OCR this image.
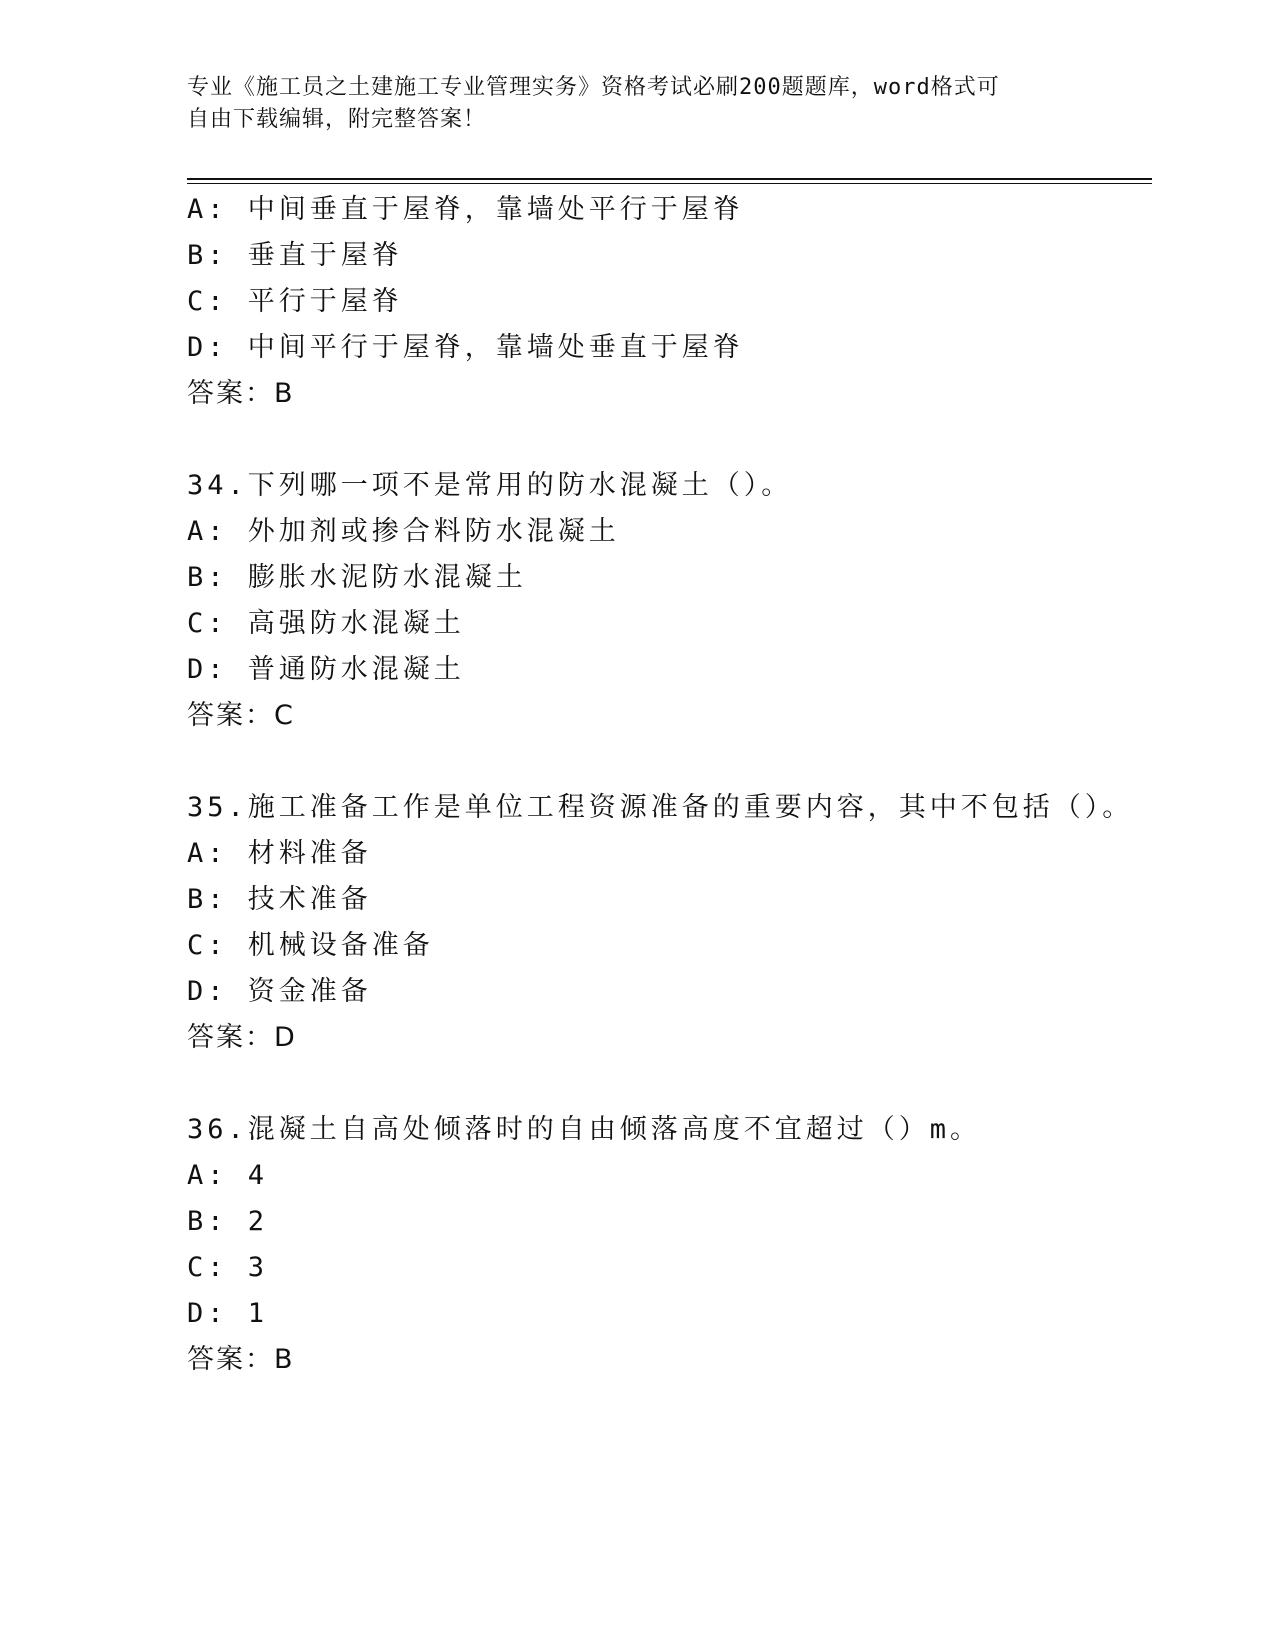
专业《施工员之土建施工专业管理实务》资格考试必刷200题题库，word格式可
自由下载编辑，附完整答案！
A: 中间垂直于屋脊，靠墙处平行于屋脊
B: 垂直于屋脊
C: 平行于屋脊
D: 中间平行于屋脊，靠墙处垂直于屋脊
答案：B
34.下列哪一项不是常用的防水混凝土（）。
A: 外加剂或掺合料防水混凝土
B: 膨胀水泥防水混凝土
C: 高强防水混凝土
D: 普通防水混凝土
答案：C
35.施工准备工作是单位工程资源准备的重要内容，其中不包括（）。
A: 材料准备
B: 技术准备
C: 机械设备准备
D: 资金准备
答案：D
36.混凝土自高处倾落时的自由倾落高度不宜超过（）m。
A: 4
B: 2
C: 3
D: 1
答案：B
